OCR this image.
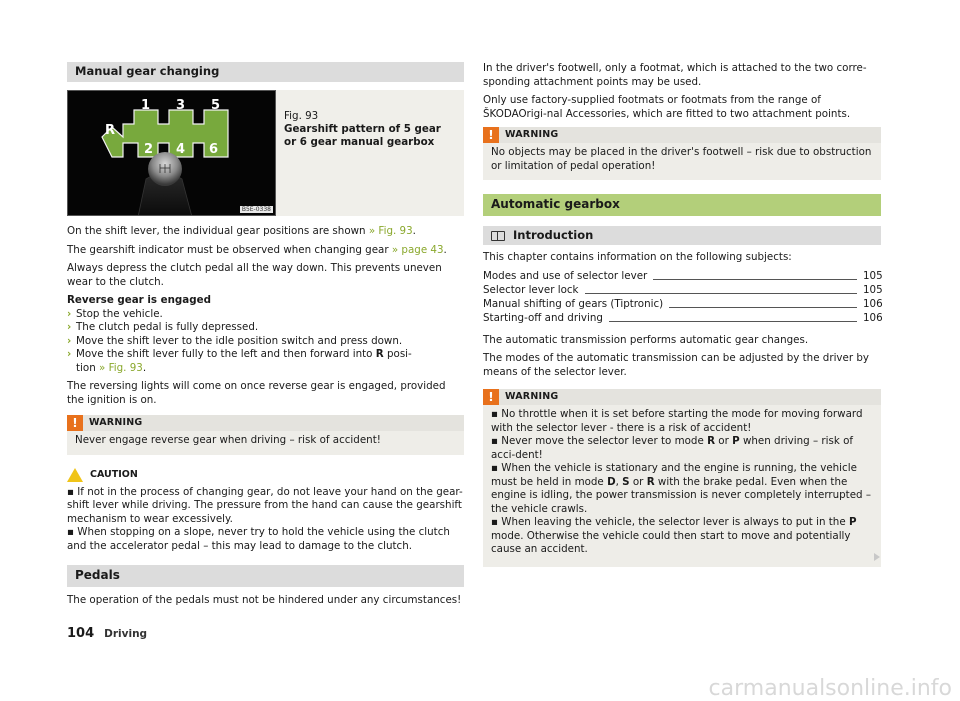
Manual gear changing
1 3 5
R
2 4 6
B5E-0338
Fig. 93
Gearshift pattern of 5 gear or 6 gear manual gearbox

On the shift lever, the individual gear positions are shown » Fig. 93.

The gearshift indicator must be observed when changing gear » page 43.

Always depress the clutch pedal all the way down. This prevents uneven wear to the clutch.

Reverse gear is engaged

› Stop the vehicle.
› The clutch pedal is fully depressed.
› Move the shift lever to the idle position switch and press down.
› Move the shift lever fully to the left and then forward into R posi-
tion » Fig. 93.

The reversing lights will come on once reverse gear is engaged, provided the ignition is on.

!	WARNING
Never engage reverse gear when driving – risk of accident!
CAUTION
▪ If not in the process of changing gear, do not leave your hand on the gear-shift lever while driving. The pressure from the hand can cause the gearshift mechanism to wear excessively.
▪ When stopping on a slope, never try to hold the vehicle using the clutch and the accelerator pedal – this may lead to damage to the clutch.
Pedals

The operation of the pedals must not be hindered under any circumstances!

In the driver's footwell, only a footmat, which is attached to the two corre-sponding attachment points may be used.

Only use factory-supplied footmats or footmats from the range of ŠKODAOrigi-nal Accessories, which are fitted to two attachment points.

!	WARNING
No objects may be placed in the driver's footwell – risk due to obstruction or limitation of pedal operation!
Automatic gearbox
Introduction

This chapter contains information on the following subjects:

Modes and use of selector lever	105
Selector lever lock	105
Manual shifting of gears (Tiptronic)	106
Starting-off and driving	106

The automatic transmission performs automatic gear changes.

The modes of the automatic transmission can be adjusted by the driver by means of the selector lever.

!	WARNING
▪ No throttle when it is set before starting the mode for moving forward with the selector lever - there is a risk of accident!
▪ Never move the selector lever to mode R or P when driving – risk of acci-dent!
▪ When the vehicle is stationary and the engine is running, the vehicle must be held in mode D, S or R with the brake pedal. Even when the engine is idling, the power transmission is never completely interrupted – the vehicle crawls.
▪ When leaving the vehicle, the selector lever is always to put in the P mode. Otherwise the vehicle could then start to move and potentially cause an accident.
104 Driving
carmanualsonline.info
